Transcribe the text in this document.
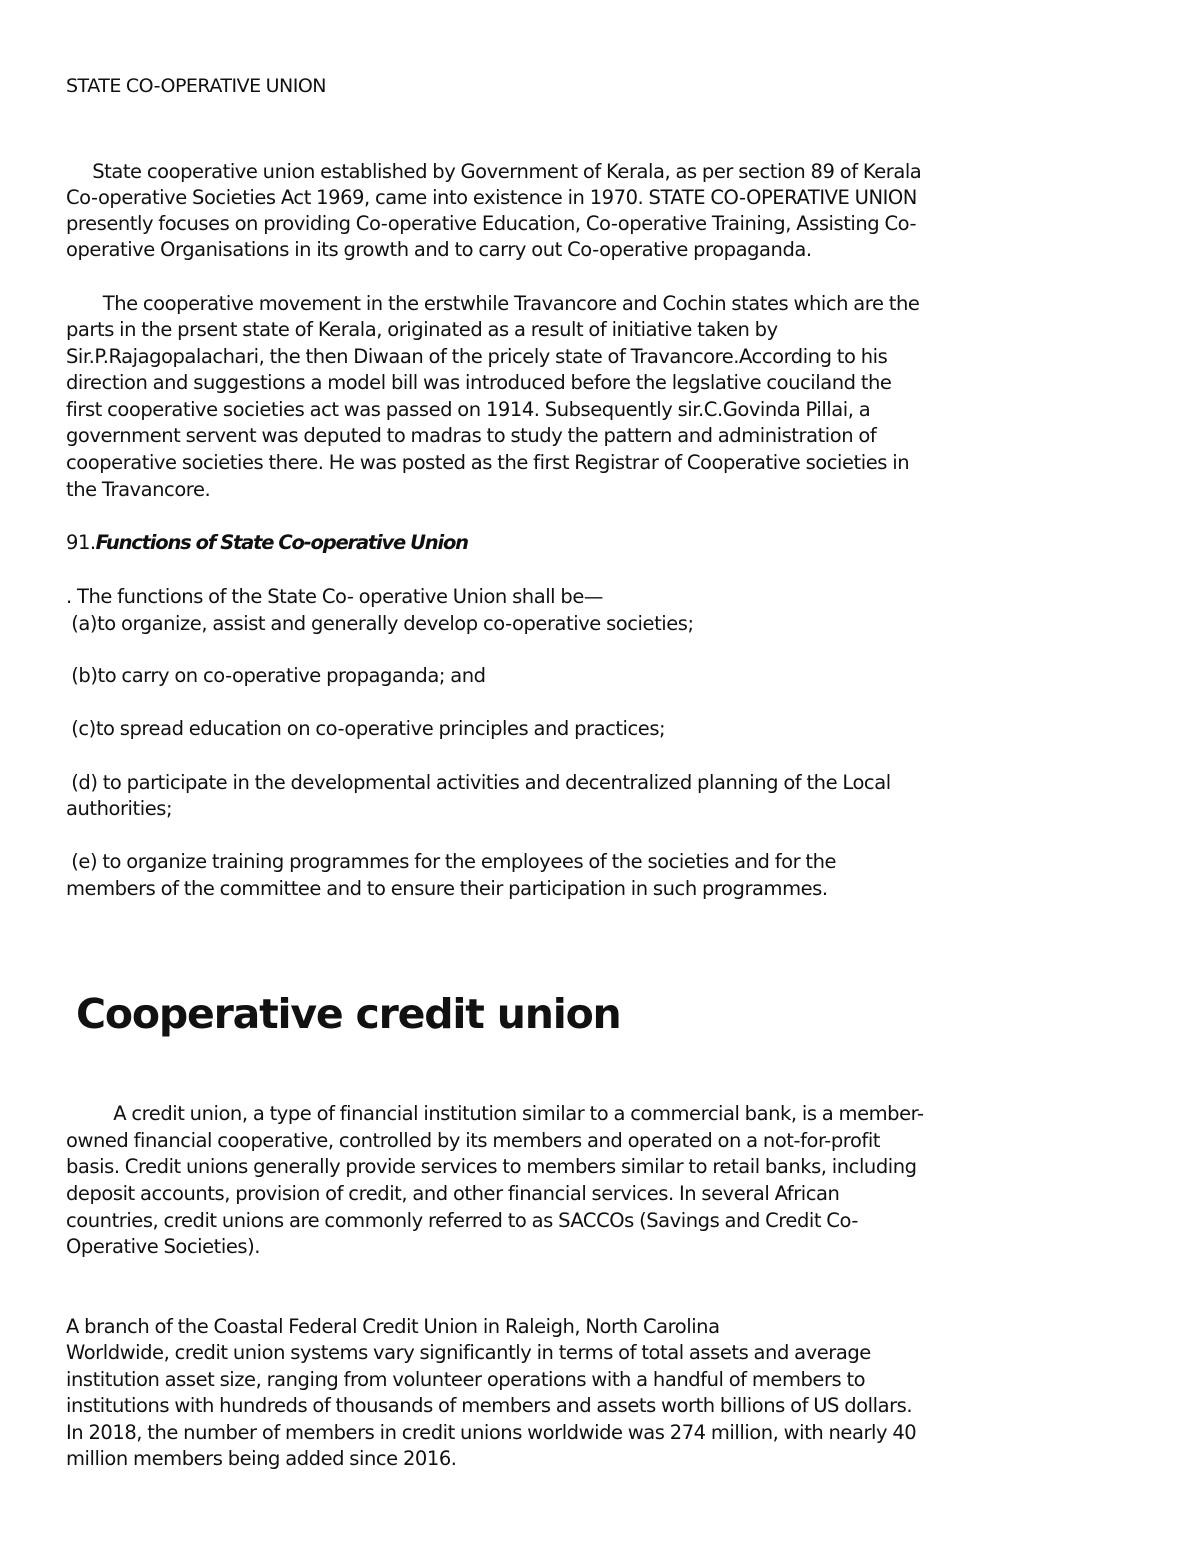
STATE CO-OPERATIVE UNION
State cooperative union established by Government of Kerala, as per section 89 of Kerala
Co-operative Societies Act 1969, came into existence in 1970. STATE CO-OPERATIVE UNION
presently focuses on providing Co-operative Education, Co-operative Training, Assisting Co-
operative Organisations in its growth and to carry out Co-operative propaganda.
The cooperative movement in the erstwhile Travancore and Cochin states which are the
parts in the prsent state of Kerala, originated as a result of initiative taken by
Sir.P.Rajagopalachari, the then Diwaan of the pricely state of Travancore.According to his
direction and suggestions a model bill was introduced before the legslative couciland the
first cooperative societies act was passed on 1914. Subsequently sir.C.Govinda Pillai, a
government servent was deputed to madras to study the pattern and administration of
cooperative societies there. He was posted as the first Registrar of Cooperative societies in
the Travancore.
91.Functions of State Co-operative Union
. The functions of the State Co- operative Union shall be—
(a)to organize, assist and generally develop co-operative societies;
(b)to carry on co-operative propaganda; and
(c)to spread education on co-operative principles and practices;
(d) to participate in the developmental activities and decentralized planning of the Local
authorities;
(e) to organize training programmes for the employees of the societies and for the
members of the committee and to ensure their participation in such programmes.
Cooperative credit union
A credit union, a type of financial institution similar to a commercial bank, is a member-
owned financial cooperative, controlled by its members and operated on a not-for-profit
basis. Credit unions generally provide services to members similar to retail banks, including
deposit accounts, provision of credit, and other financial services. In several African
countries, credit unions are commonly referred to as SACCOs (Savings and Credit Co-
Operative Societies).
A branch of the Coastal Federal Credit Union in Raleigh, North Carolina
Worldwide, credit union systems vary significantly in terms of total assets and average
institution asset size, ranging from volunteer operations with a handful of members to
institutions with hundreds of thousands of members and assets worth billions of US dollars.
In 2018, the number of members in credit unions worldwide was 274 million, with nearly 40
million members being added since 2016.
